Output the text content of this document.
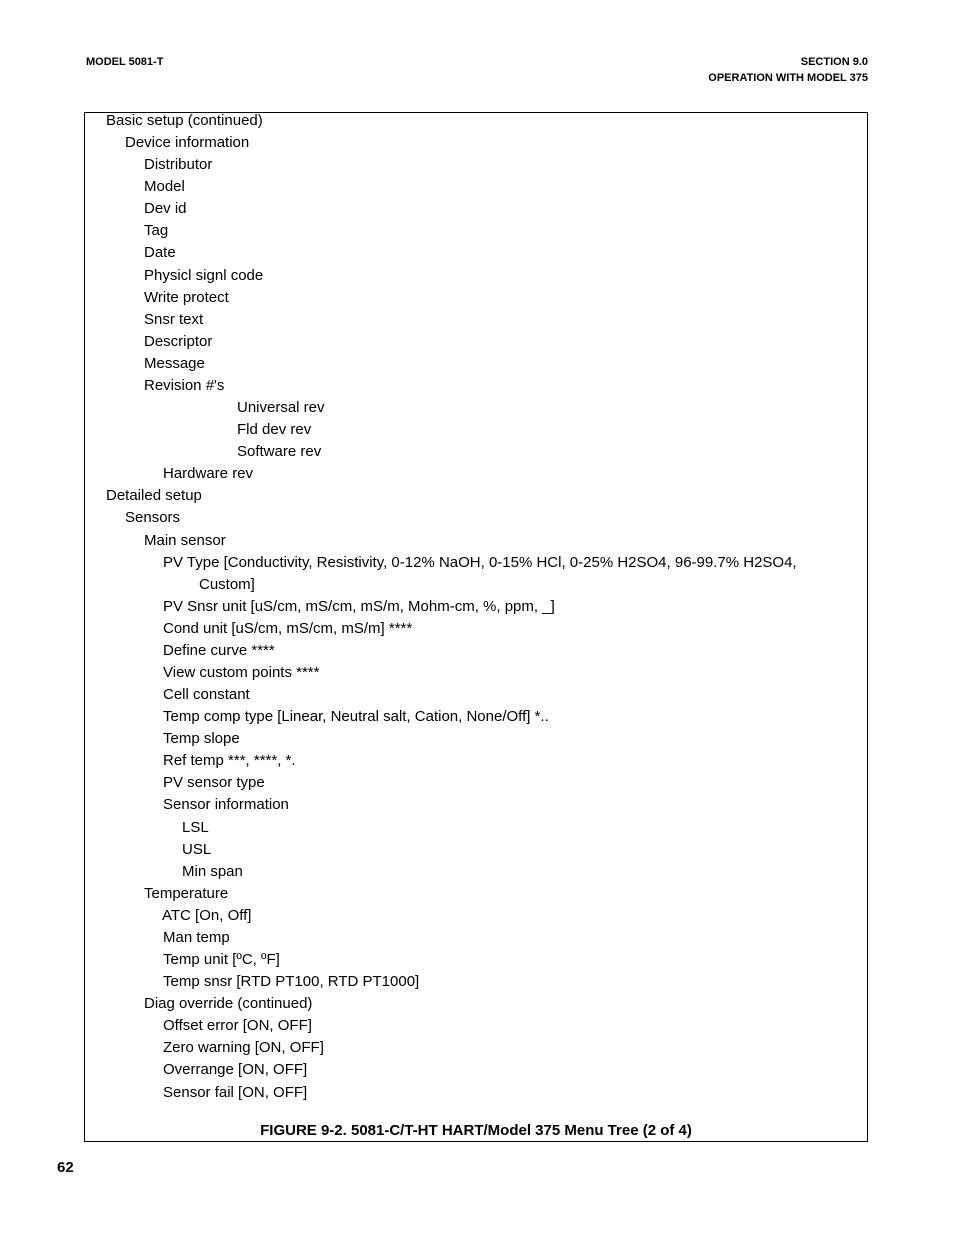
MODEL 5081-T	SECTION 9.0
OPERATION WITH MODEL 375
Basic setup (continued)
Device information
Distributor
Model
Dev id
Tag
Date
Physicl signl code
Write protect
Snsr text
Descriptor
Message
Revision #'s
Universal rev
Fld dev rev
Software rev
Hardware rev
Detailed setup
Sensors
Main sensor
PV Type [Conductivity, Resistivity, 0-12% NaOH, 0-15% HCl, 0-25% H2SO4, 96-99.7% H2SO4,
Custom]
PV Snsr unit [uS/cm, mS/cm, mS/m, Mohm-cm, %, ppm, _]
Cond unit [uS/cm, mS/cm, mS/m] ****
Define curve ****
View custom points ****
Cell constant
Temp comp type [Linear, Neutral salt, Cation, None/Off] *..
Temp slope
Ref temp ***, ****, *.
PV sensor type
Sensor information
LSL
USL
Min span
Temperature
ATC [On, Off]
Man temp
Temp unit [ºC, ºF]
Temp snsr [RTD PT100, RTD PT1000]
Diag override (continued)
Offset error [ON, OFF]
Zero warning [ON, OFF]
Overrange [ON, OFF]
Sensor fail [ON, OFF]
FIGURE 9-2. 5081-C/T-HT HART/Model 375 Menu Tree (2 of 4)
62
